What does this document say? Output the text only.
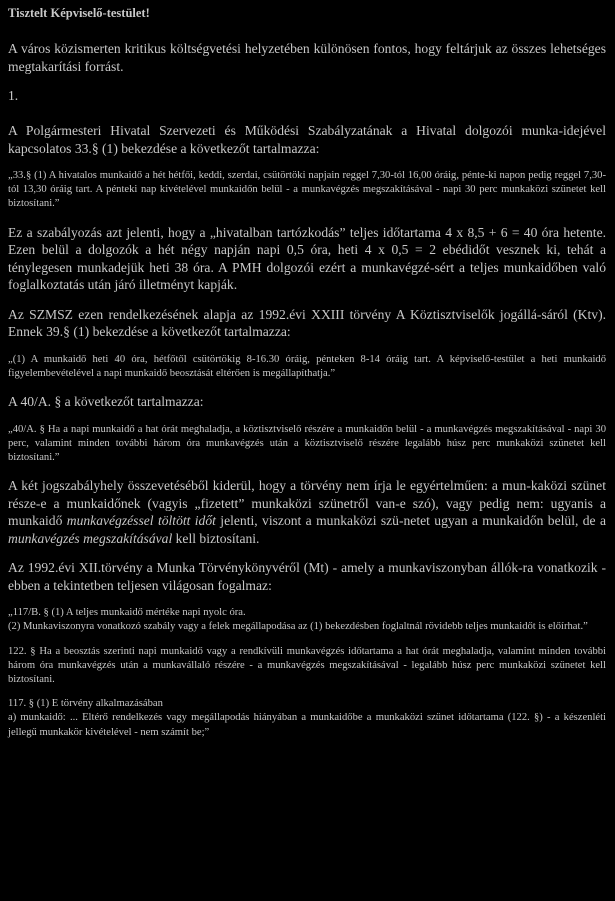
Tisztelt Képviselő-testület!
A város közismerten kritikus költségvetési helyzetében különösen fontos, hogy feltárjuk az összes lehetséges megtakarítási forrást.
1.
A Polgármesteri Hivatal Szervezeti és Működési Szabályzatának a Hivatal dolgozói munka-idejével kapcsolatos 33.§ (1) bekezdése a következőt tartalmazza:
„33.§ (1) A hivatalos munkaidő a hét hétfői, keddi, szerdai, csütörtöki napjain reggel 7,30-tól 16,00 óráig, pénte-ki napon pedig reggel 7,30-tól 13,30 óráig tart. A pénteki nap kivételével munkaidőn belül - a munkavégzés megszakításával - napi 30 perc munkaközi szünetet kell biztosítani.”
Ez a szabályozás azt jelenti, hogy a „hivatalban tartózkodás” teljes időtartama 4 x 8,5 + 6 = 40 óra hetente. Ezen belül a dolgozók a hét négy napján napi 0,5 óra, heti 4 x 0,5 = 2 ebédidőt vesznek ki, tehát a ténylegesen munkadejük heti 38 óra. A PMH dolgozói ezért a munkavégzé-sért a teljes munkaidőben való foglalkoztatás után járó illetményt kapják.
Az SZMSZ ezen rendelkezésének alapja az 1992.évi XXIII törvény A Köztisztviselők jogállá-sáról (Ktv). Ennek 39.§ (1) bekezdése a következőt tartalmazza:
„(1) A munkaidő heti 40 óra, hétfőtől csütörtökig 8-16.30 óráig, pénteken 8-14 óráig tart. A képviselő-testület a heti munkaidő figyelembevételével a napi munkaidő beosztását eltérően is megállapíthatja.”
A 40/A. § a következőt tartalmazza:
„40/A. § Ha a napi munkaidő a hat órát meghaladja, a köztisztviselő részére a munkaidőn belül - a munkavégzés megszakításával - napi 30 perc, valamint minden további három óra munkavégzés után a köztisztviselő részére legalább húsz perc munkaközi szünetet kell biztosítani.”
A két jogszabályhely összevetéséből kiderül, hogy a törvény nem írja le egyértelműen: a mun-kaközi szünet része-e a munkaidőnek (vagyis „fizetett” munkaközi szünetről van-e szó), vagy pedig nem: ugyanis a munkaidő munkavégzéssel töltött időt jelenti, viszont a munkaközi szü-netet ugyan a munkaidőn belül, de a munkavégzés megszakításával kell biztosítani.
Az 1992.évi XII.törvény a Munka Törvénykönyvéről (Mt) - amely a munkaviszonyban állók-ra vonatkozik - ebben a tekintetben teljesen világosan fogalmaz:
„117/B. § (1) A teljes munkaidő mértéke napi nyolc óra.
(2) Munkaviszonyra vonatkozó szabály vagy a felek megállapodása az (1) bekezdésben foglaltnál rövidebb teljes munkaidőt is előírhat.”
122. § Ha a beosztás szerinti napi munkaidő vagy a rendkívüli munkavégzés időtartama a hat órát meghaladja, valamint minden további három óra munkavégzés után a munkavállaló részére - a munkavégzés megszakításával - legalább húsz perc munkaközi szünetet kell biztosítani.
117. § (1) E törvény alkalmazásában
a) munkaidő: ... Eltérő rendelkezés vagy megállapodás hiányában a munkaidőbe a munkaközi szünet időtartama (122. §) - a készenléti jellegű munkakör kivételével - nem számít be;”
